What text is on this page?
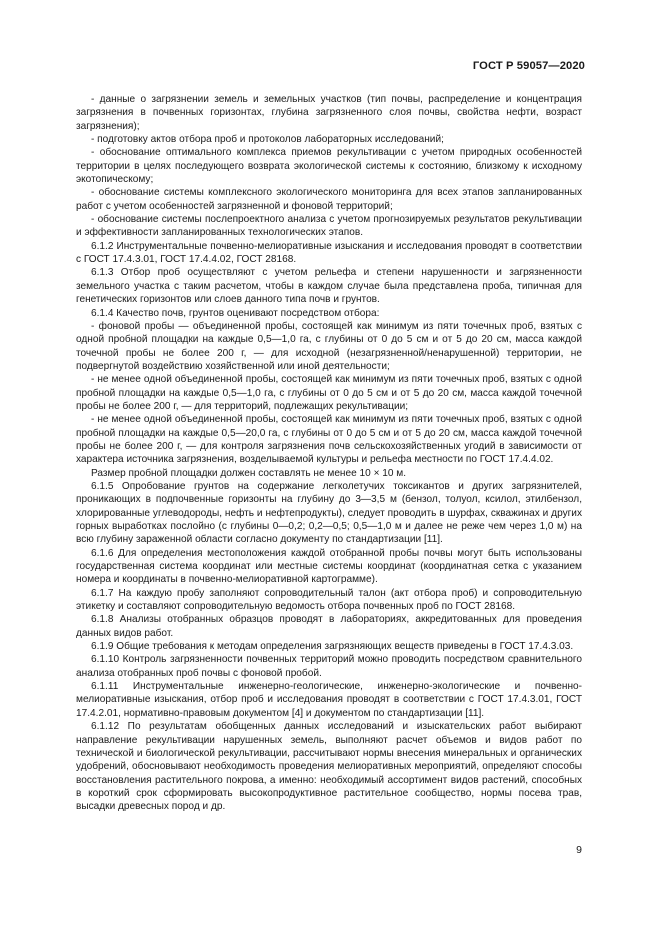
ГОСТ Р 59057—2020

- данные о загрязнении земель и земельных участков (тип почвы, распределение и концентрация загрязнения в почвенных горизонтах, глубина загрязненного слоя почвы, свойства нефти, возраст загрязнения);

- подготовку актов отбора проб и протоколов лабораторных исследований;

- обоснование оптимального комплекса приемов рекультивации с учетом природных особенностей территории в целях последующего возврата экологической системы к состоянию, близкому к исходному экотопическому;

- обоснование системы комплексного экологического мониторинга для всех этапов запланированных работ с учетом особенностей загрязненной и фоновой территорий;

- обоснование системы послепроектного анализа с учетом прогнозируемых результатов рекультивации и эффективности запланированных технологических этапов.

6.1.2 Инструментальные почвенно-мелиоративные изыскания и исследования проводят в соответствии с ГОСТ 17.4.3.01, ГОСТ 17.4.4.02, ГОСТ 28168.

6.1.3 Отбор проб осуществляют с учетом рельефа и степени нарушенности и загрязненности земельного участка с таким расчетом, чтобы в каждом случае была представлена проба, типичная для генетических горизонтов или слоев данного типа почв и грунтов.

6.1.4 Качество почв, грунтов оценивают посредством отбора:

- фоновой пробы — объединенной пробы, состоящей как минимум из пяти точечных проб, взятых с одной пробной площадки на каждые 0,5—1,0 га, с глубины от 0 до 5 см и от 5 до 20 см, масса каждой точечной пробы не более 200 г, — для исходной (незагрязненной/ненарушенной) территории, не подвергнутой воздействию хозяйственной или иной деятельности;

- не менее одной объединенной пробы, состоящей как минимум из пяти точечных проб, взятых с одной пробной площадки на каждые 0,5—1,0 га, с глубины от 0 до 5 см и от 5 до 20 см, масса каждой точечной пробы не более 200 г, — для территорий, подлежащих рекультивации;

- не менее одной объединенной пробы, состоящей как минимум из пяти точечных проб, взятых с одной пробной площадки на каждые 0,5—20,0 га, с глубины от 0 до 5 см и от 5 до 20 см, масса каждой точечной пробы не более 200 г, — для контроля загрязнения почв сельскохозяйственных угодий в зависимости от характера источника загрязнения, возделываемой культуры и рельефа местности по ГОСТ 17.4.4.02.

Размер пробной площадки должен составлять не менее 10 × 10 м.

6.1.5 Опробование грунтов на содержание легколетучих токсикантов и других загрязнителей, проникающих в подпочвенные горизонты на глубину до 3—3,5 м (бензол, толуол, ксилол, этилбензол, хлорированные углеводороды, нефть и нефтепродукты), следует проводить в шурфах, скважинах и других горных выработках послойно (с глубины 0—0,2; 0,2—0,5; 0,5—1,0 м и далее не реже чем через 1,0 м) на всю глубину зараженной области согласно документу по стандартизации [11].

6.1.6 Для определения местоположения каждой отобранной пробы почвы могут быть использованы государственная система координат или местные системы координат (координатная сетка с указанием номера и координаты в почвенно-мелиоративной картограмме).

6.1.7 На каждую пробу заполняют сопроводительный талон (акт отбора проб) и сопроводительную этикетку и составляют сопроводительную ведомость отбора почвенных проб по ГОСТ 28168.

6.1.8 Анализы отобранных образцов проводят в лабораториях, аккредитованных для проведения данных видов работ.

6.1.9 Общие требования к методам определения загрязняющих веществ приведены в ГОСТ 17.4.3.03.

6.1.10 Контроль загрязненности почвенных территорий можно проводить посредством сравнительного анализа отобранных проб почвы с фоновой пробой.

6.1.11 Инструментальные инженерно-геологические, инженерно-экологические и почвенно-мелиоративные изыскания, отбор проб и исследования проводят в соответствии с ГОСТ 17.4.3.01, ГОСТ 17.4.2.01, нормативно-правовым документом [4] и документом по стандартизации [11].

6.1.12 По результатам обобщенных данных исследований и изыскательских работ выбирают направление рекультивации нарушенных земель, выполняют расчет объемов и видов работ по технической и биологической рекультивации, рассчитывают нормы внесения минеральных и органических удобрений, обосновывают необходимость проведения мелиоративных мероприятий, определяют способы восстановления растительного покрова, а именно: необходимый ассортимент видов растений, способных в короткий срок сформировать высокопродуктивное растительное сообщество, нормы посева трав, высадки древесных пород и др.

9
